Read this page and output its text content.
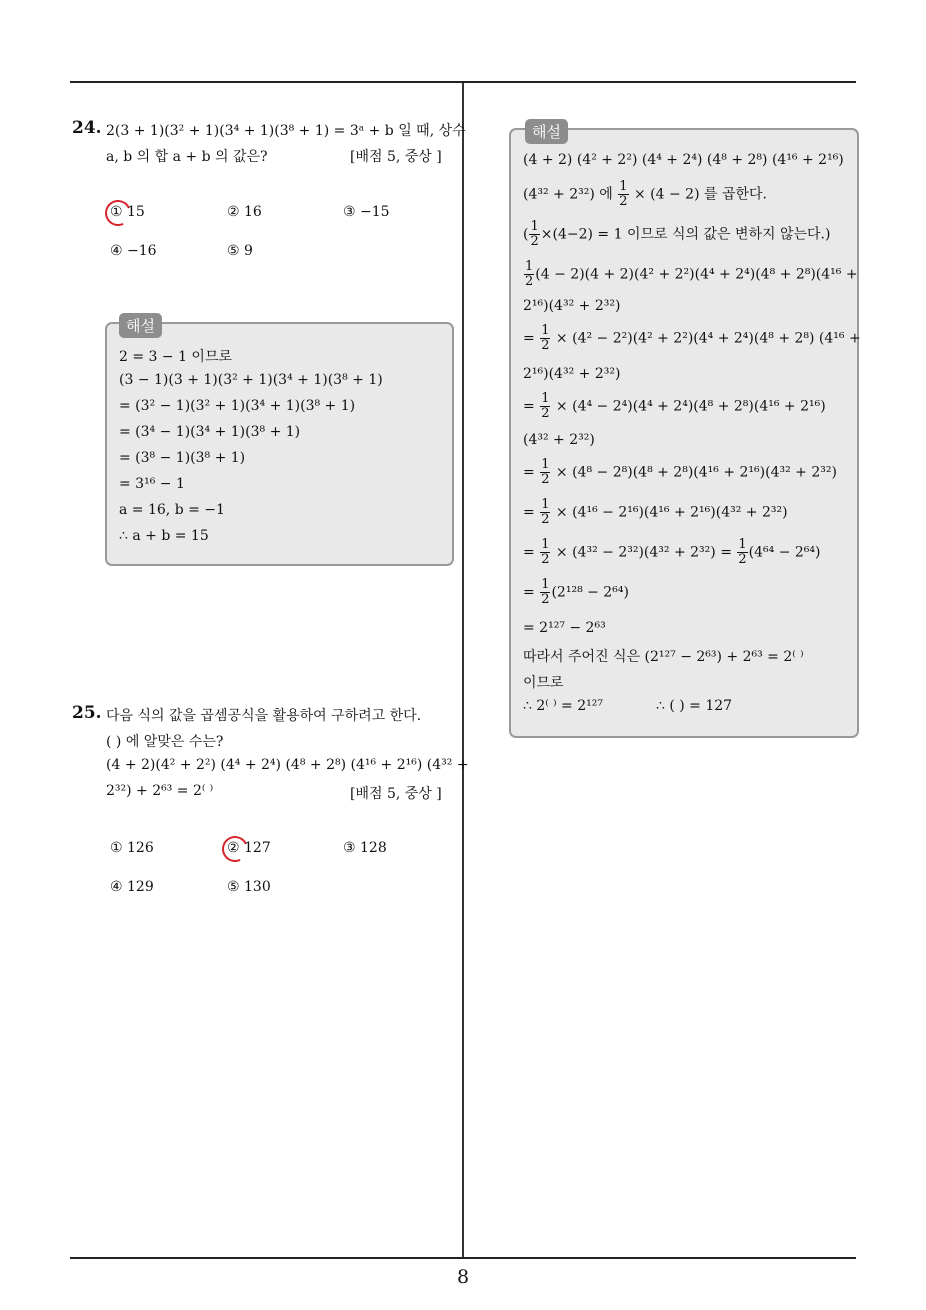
8
24. 2(3 + 1)(3² + 1)(3⁴ + 1)(3⁸ + 1) = 3ᵃ + b 일 때, 상수
a, b 의 합 a + b 의 값은?	[배점 5, 중상 ]
① 15	② 16	③ −15
④ −16	⑤ 9
해설
2 = 3 − 1 이므로
(3 − 1)(3 + 1)(3² + 1)(3⁴ + 1)(3⁸ + 1)
= (3² − 1)(3² + 1)(3⁴ + 1)(3⁸ + 1)
= (3⁴ − 1)(3⁴ + 1)(3⁸ + 1)
= (3⁸ − 1)(3⁸ + 1)
= 3¹⁶ − 1
a = 16, b = −1
∴ a + b = 15
25. 다음 식의 값을 곱셈공식을 활용하여 구하려고 한다.
( ) 에 알맞은 수는?
(4 + 2)(4² + 2²) (4⁴ + 2⁴) (4⁸ + 2⁸) (4¹⁶ + 2¹⁶) (4³² +
2³²) + 2⁶³ = 2⁽ ⁾	[배점 5, 중상 ]
① 126	② 127	③ 128
④ 129	⑤ 130
해설
(4 + 2) (4² + 2²) (4⁴ + 2⁴) (4⁸ + 2⁸) (4¹⁶ + 2¹⁶)
(4³² + 2³²) 에 $\frac{1}{2} \times (4 - 2)$ 를 곱한다.
( $\frac{1}{2} \times(4-2) = 1$ 이므로 식의 값은 변하지 않는다.)
$\frac{1}{2} (4 - 2)(4 + 2)(4^2 + 2^2)(4^4 + 2^4)(4^8 + 2^8)(4^{16}$ +
2¹⁶)(4³² + 2³²)
= $\frac{1}{2} \times (4^2 - 2^2)(4^2 + 2^2)(4^4 + 2^4)(4^8 + 2^8) (4^{16}$ +
2¹⁶)(4³² + 2³²)
= $\frac{1}{2} \times (4^4 - 2^4)(4^4 + 2^4)(4^8 + 2^8)(4^{16} + 2^{16})$
(4³² + 2³²)
= $\frac{1}{2} \times (4^8 - 2^8)(4^8 + 2^8)(4^{16} + 2^{16})(4^{32} + 2^{32})$
= $\frac{1}{2} \times (4^{16} - 2^{16})(4^{16} + 2^{16})(4^{32} + 2^{32})$
= $\frac{1}{2} \times (4^{32} - 2^{32})(4^{32} + 2^{32}) = \frac{1}{2} (4^{64} - 2^{64})$
= $\frac{1}{2} (2^{128} - 2^{64})$
= 2¹²⁷ − 2⁶³
따라서 주어진 식은 (2¹²⁷ − 2⁶³) + 2⁶³ = 2⁽ ⁾
이므로
∴ 2⁽ ⁾ = 2¹²⁷	∴ ( ) = 127
